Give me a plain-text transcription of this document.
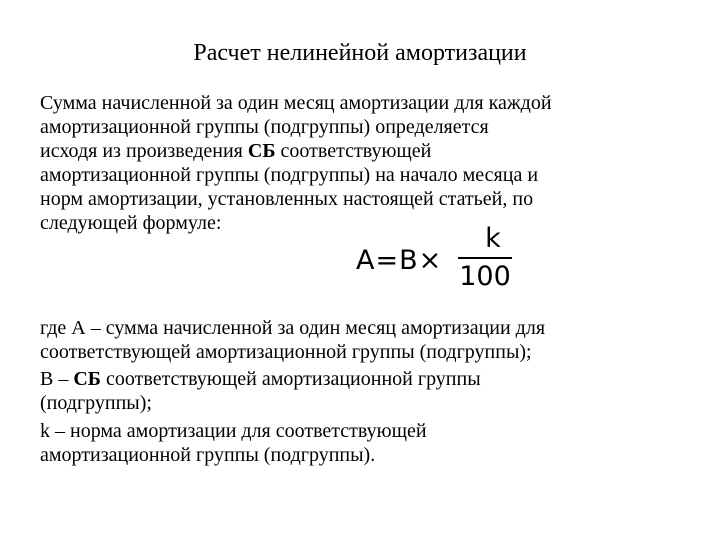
Расчет нелинейной амортизации
Сумма начисленной за один месяц амортизации для каждой
амортизационной группы (подгруппы) определяется
исходя из произведения СБ соответствующей
амортизационной группы (подгруппы) на начало месяца и
норм амортизации, установленных настоящей статьей, по
следующей формуле:
A=B×
k
100
где А – сумма начисленной за один месяц амортизации для
соответствующей амортизационной группы (подгруппы);
В – СБ соответствующей амортизационной группы
(подгруппы);
k – норма амортизации для соответствующей
амортизационной группы (подгруппы).
